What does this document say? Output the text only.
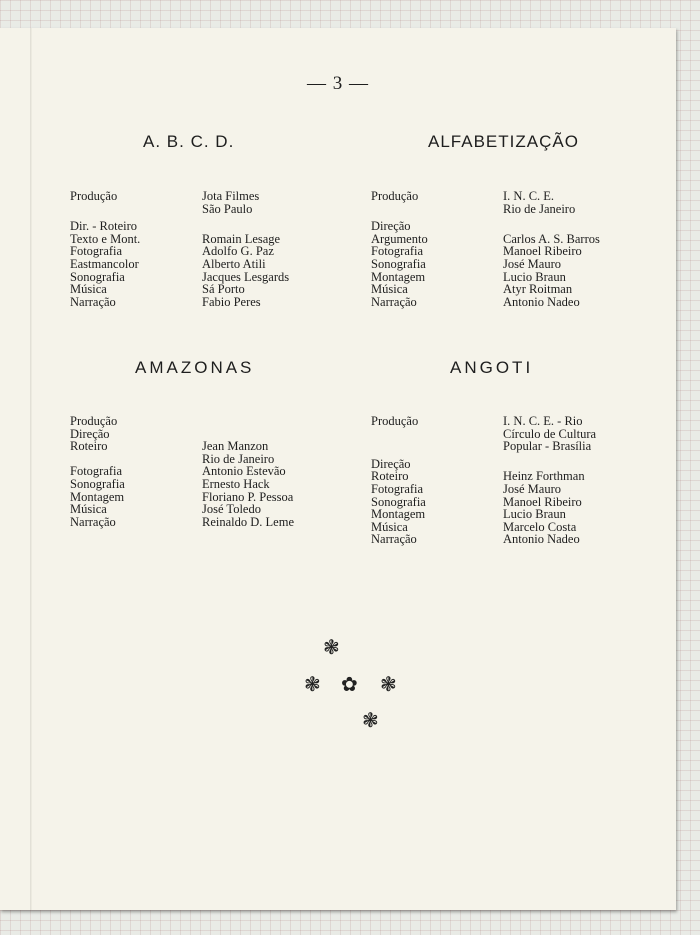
— 3 —
A. B. C. D.
Produção	Jota Filmes
São Paulo
Dir. - Roteiro
Texto e Mont.	Romain Lesage
Fotografia	Adolfo G. Paz
Eastmancolor	Alberto Atili
Sonografia	Jacques Lesgards
Música	Sá Porto
Narração	Fabio Peres
ALFABETIZAÇÃO
Produção	I. N. C. E.
Rio de Janeiro
Direção
Argumento	Carlos A. S. Barros
Fotografia	Manoel Ribeiro
Sonografia	José Mauro
Montagem	Lucio Braun
Música	Atyr Roitman
Narração	Antonio Nadeo
AMAZONAS
Produção
Direção
Roteiro	Jean Manzon
Rio de Janeiro
Fotografia	Antonio Estevão
Sonografia	Ernesto Hack
Montagem	Floriano P. Pessoa
Música	José Toledo
Narração	Reinaldo D. Leme
ANGOTI
Produção	I. N. C. E. - Rio
Círculo de Cultura
Popular - Brasília
Direção
Roteiro	Heinz Forthman
Fotografia	José Mauro
Sonografia	Manoel Ribeiro
Montagem	Lucio Braun
Música	Marcelo Costa
Narração	Antonio Nadeo
❃
❃ ✿ ❃
❃
